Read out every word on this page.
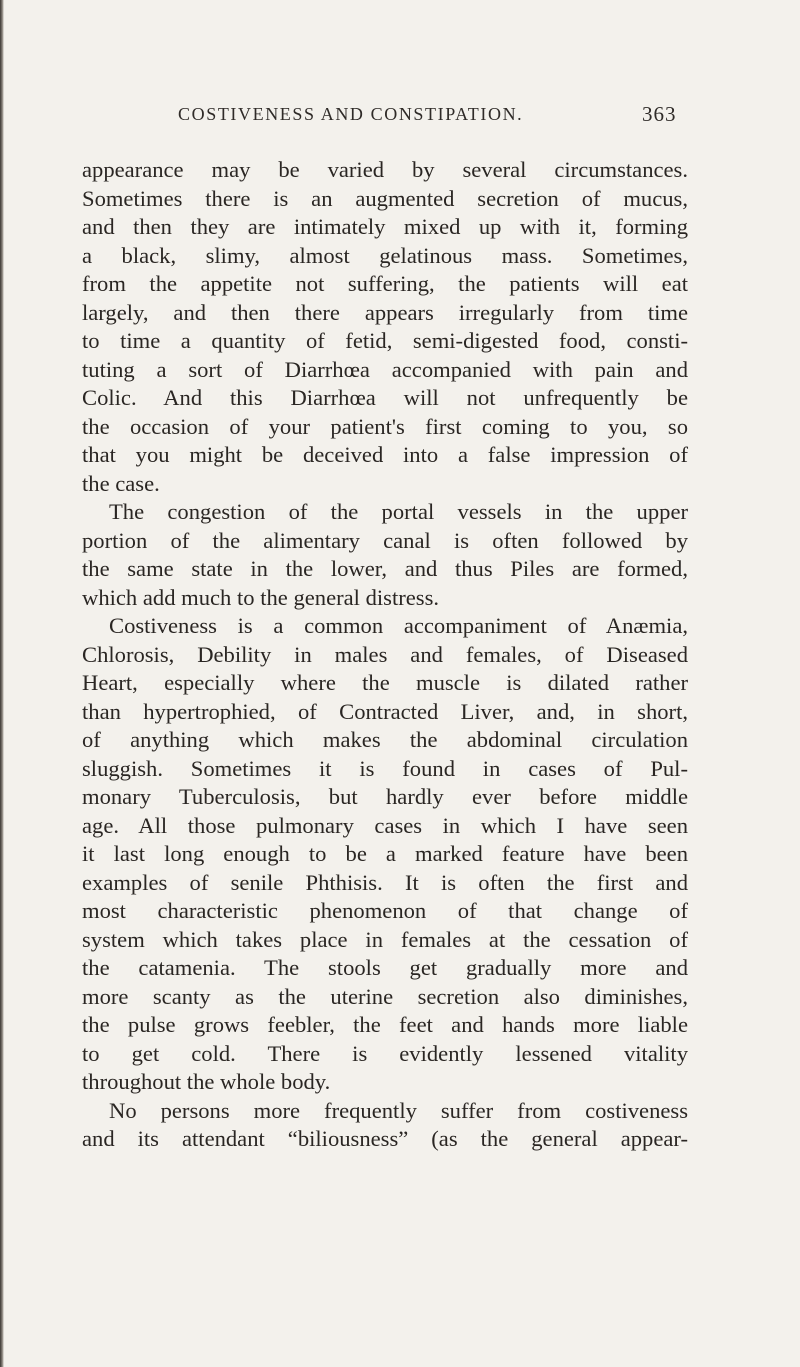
COSTIVENESS AND CONSTIPATION.	363
appearance may be varied by several circumstances.
Sometimes there is an augmented secretion of mucus,
and then they are intimately mixed up with it, forming
a black, slimy, almost gelatinous mass. Sometimes,
from the appetite not suffering, the patients will eat
largely, and then there appears irregularly from time
to time a quantity of fetid, semi-digested food, consti-
tuting a sort of Diarrhœa accompanied with pain and
Colic. And this Diarrhœa will not unfrequently be
the occasion of your patient's first coming to you, so
that you might be deceived into a false impression of
the case.
The congestion of the portal vessels in the upper
portion of the alimentary canal is often followed by
the same state in the lower, and thus Piles are formed,
which add much to the general distress.
Costiveness is a common accompaniment of Anæmia,
Chlorosis, Debility in males and females, of Diseased
Heart, especially where the muscle is dilated rather
than hypertrophied, of Contracted Liver, and, in short,
of anything which makes the abdominal circulation
sluggish. Sometimes it is found in cases of Pul-
monary Tuberculosis, but hardly ever before middle
age. All those pulmonary cases in which I have seen
it last long enough to be a marked feature have been
examples of senile Phthisis. It is often the first and
most characteristic phenomenon of that change of
system which takes place in females at the cessation of
the catamenia. The stools get gradually more and
more scanty as the uterine secretion also diminishes,
the pulse grows feebler, the feet and hands more liable
to get cold. There is evidently lessened vitality
throughout the whole body.
No persons more frequently suffer from costiveness
and its attendant “biliousness” (as the general appear-
